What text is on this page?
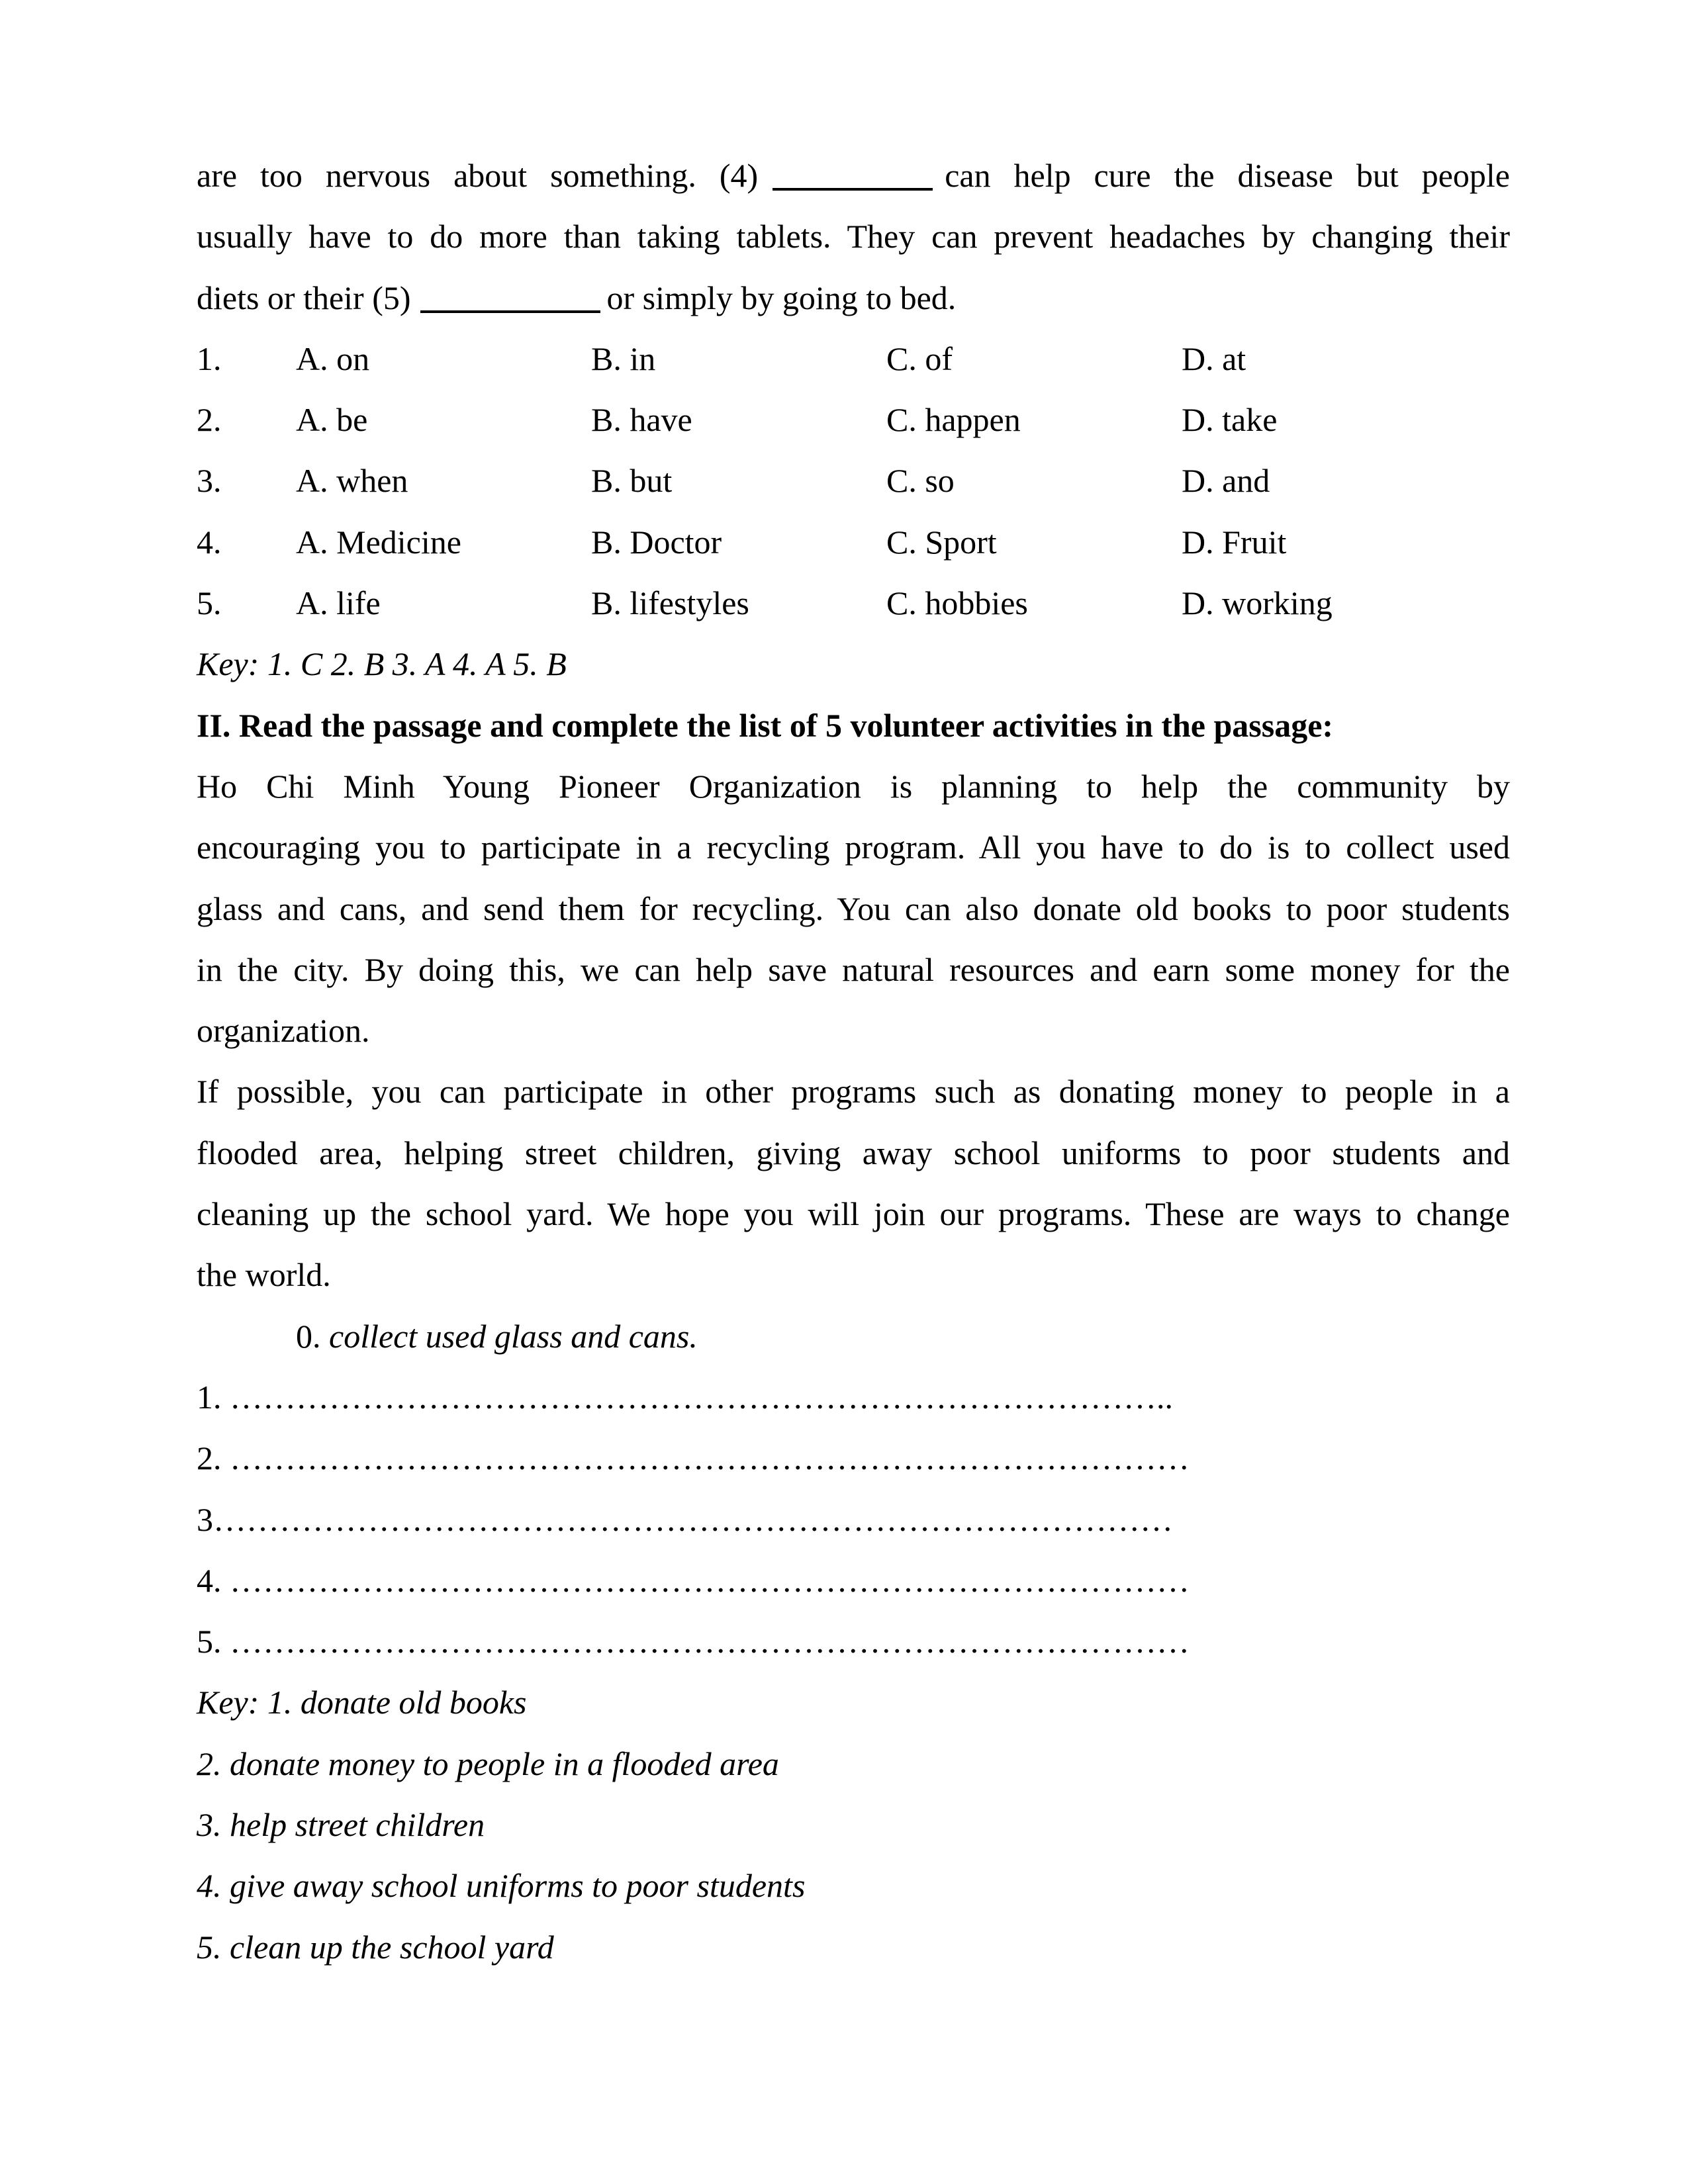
are too nervous about something. (4)	can help cure the disease but people
usually have to do more than taking tablets. They can prevent headaches by changing their
diets or their (5)	or simply by going to bed.
1.	A. on	B. in	C. of	D. at
2.	A. be	B. have	C. happen	D. take
3.	A. when	B. but	C. so	D. and
4.	A. Medicine	B. Doctor	C. Sport	D. Fruit
5.	A. life	B. lifestyles	C. hobbies	D. working
Key: 1. C 2. B 3. A 4. A 5. B
II. Read the passage and complete the list of 5 volunteer activities in the passage:
Ho Chi Minh Young Pioneer Organization is planning to help the community by
encouraging you to participate in a recycling program. All you have to do is to collect used
glass and cans, and send them for recycling. You can also donate old books to poor students
in the city. By doing this, we can help save natural resources and earn some money for the
organization.
If possible, you can participate in other programs such as donating money to people in a
flooded area, helping street children, giving away school uniforms to poor students and
cleaning up the school yard. We hope you will join our programs. These are ways to change
the world.
0. collect used glass and cans.
1. …………………………………………………………………………..
2. ……………………………………………………………………………
3……………………………………………………………………………
4. ……………………………………………………………………………
5. ……………………………………………………………………………
Key: 1. donate old books
2. donate money to people in a flooded area
3. help street children
4. give away school uniforms to poor students
5. clean up the school yard
